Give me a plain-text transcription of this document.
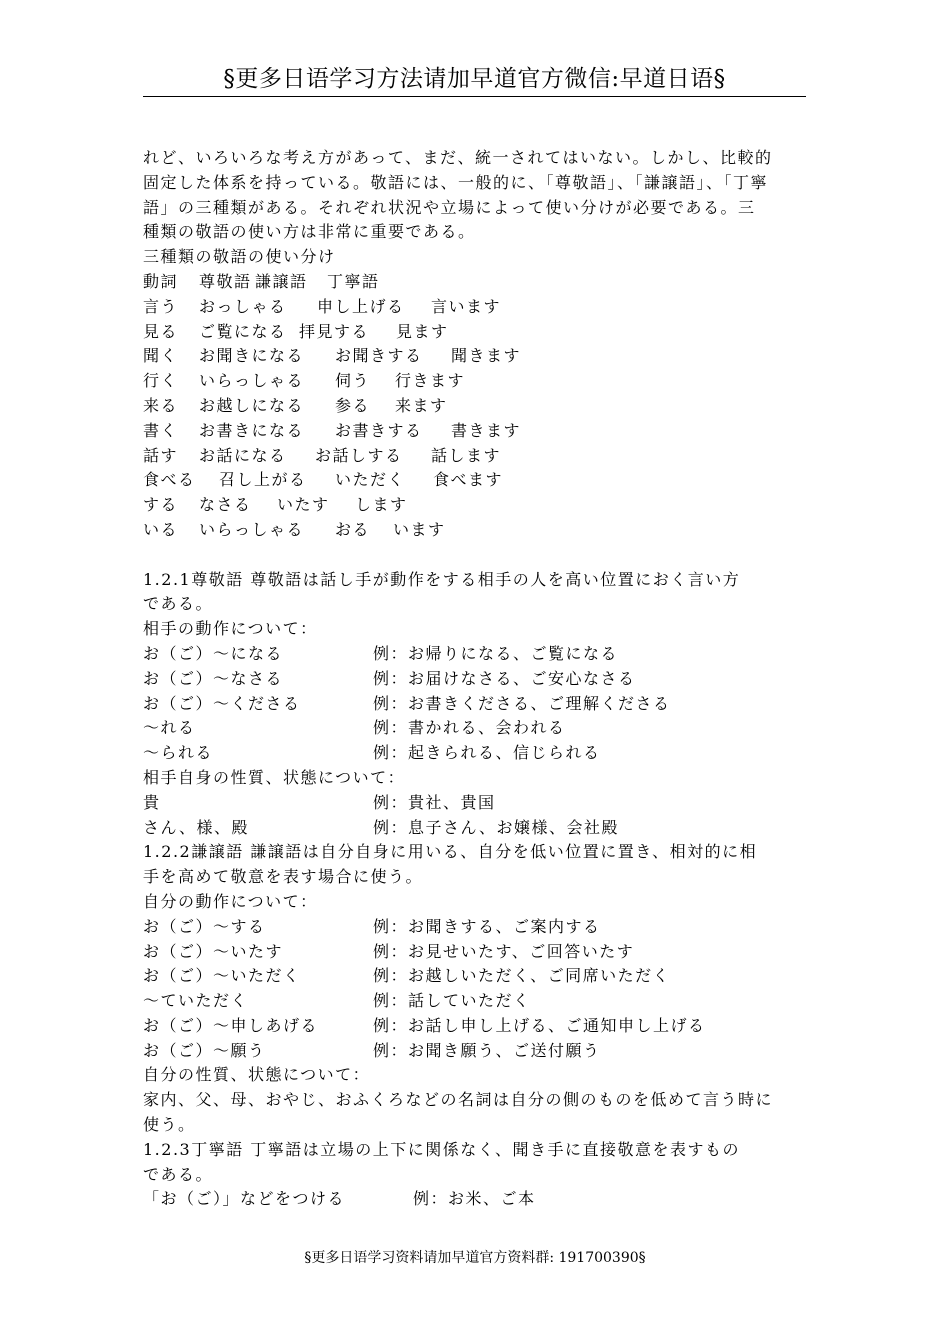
§更多日语学习方法请加早道官方微信:早道日语§

れど、いろいろな考え方があって、まだ、統一されてはいない。しかし、比較的

固定した体系を持っている。敬語には、一般的に、「尊敬語」、「謙譲語」、「丁寧

語」の三種類がある。それぞれ状況や立場によって使い分けが必要である。三

種類の敬語の使い方は非常に重要である。

三種類の敬語の使い分け

動詞	尊敬語 謙譲語	丁寧語
言う	おっしゃる	申し上げる	言います
見る	ご覧になる 拝見する	見ます
聞く	お聞きになる	お聞きする	聞きます
行く	いらっしゃる	伺う	行きます
来る	お越しになる	参る	来ます
書く	お書きになる	お書きする	書きます
話す	お話になる	お話しする	話します
食べる	召し上がる	いただく	食べます
する	なさる	いたす	します
いる	いらっしゃる	おる	います

1.2.1尊敬語 尊敬語は話し手が動作をする相手の人を高い位置におく言い方

である。

相手の動作について：

お（ご）～になる	例：お帰りになる、ご覧になる
お（ご）～なさる	例：お届けなさる、ご安心なさる
お（ご）～くださる	例：お書きくださる、ご理解くださる
～れる	例：書かれる、会われる
～られる	例：起きられる、信じられる

相手自身の性質、状態について：

貴	例：貴社、貴国
さん、様、殿	例：息子さん、お嬢様、会社殿

1.2.2謙譲語 謙譲語は自分自身に用いる、自分を低い位置に置き、相対的に相

手を高めて敬意を表す場合に使う。

自分の動作について：

お（ご）～する	例：お聞きする、ご案内する
お（ご）～いたす	例：お見せいたす、ご回答いたす
お（ご）～いただく	例：お越しいただく、ご同席いただく
～ていただく	例：話していただく
お（ご）～申しあげる	例：お話し申し上げる、ご通知申し上げる
お（ご）～願う	例：お聞き願う、ご送付願う

自分の性質、状態について：

家内、父、母、おやじ、おふくろなどの名詞は自分の側のものを低めて言う時に

使う。

1.2.3丁寧語 丁寧語は立場の上下に関係なく、聞き手に直接敬意を表すもの

である。

「お（ご）」などをつける	例：お米、ご本
§更多日语学习资料请加早道官方资料群: 191700390§
